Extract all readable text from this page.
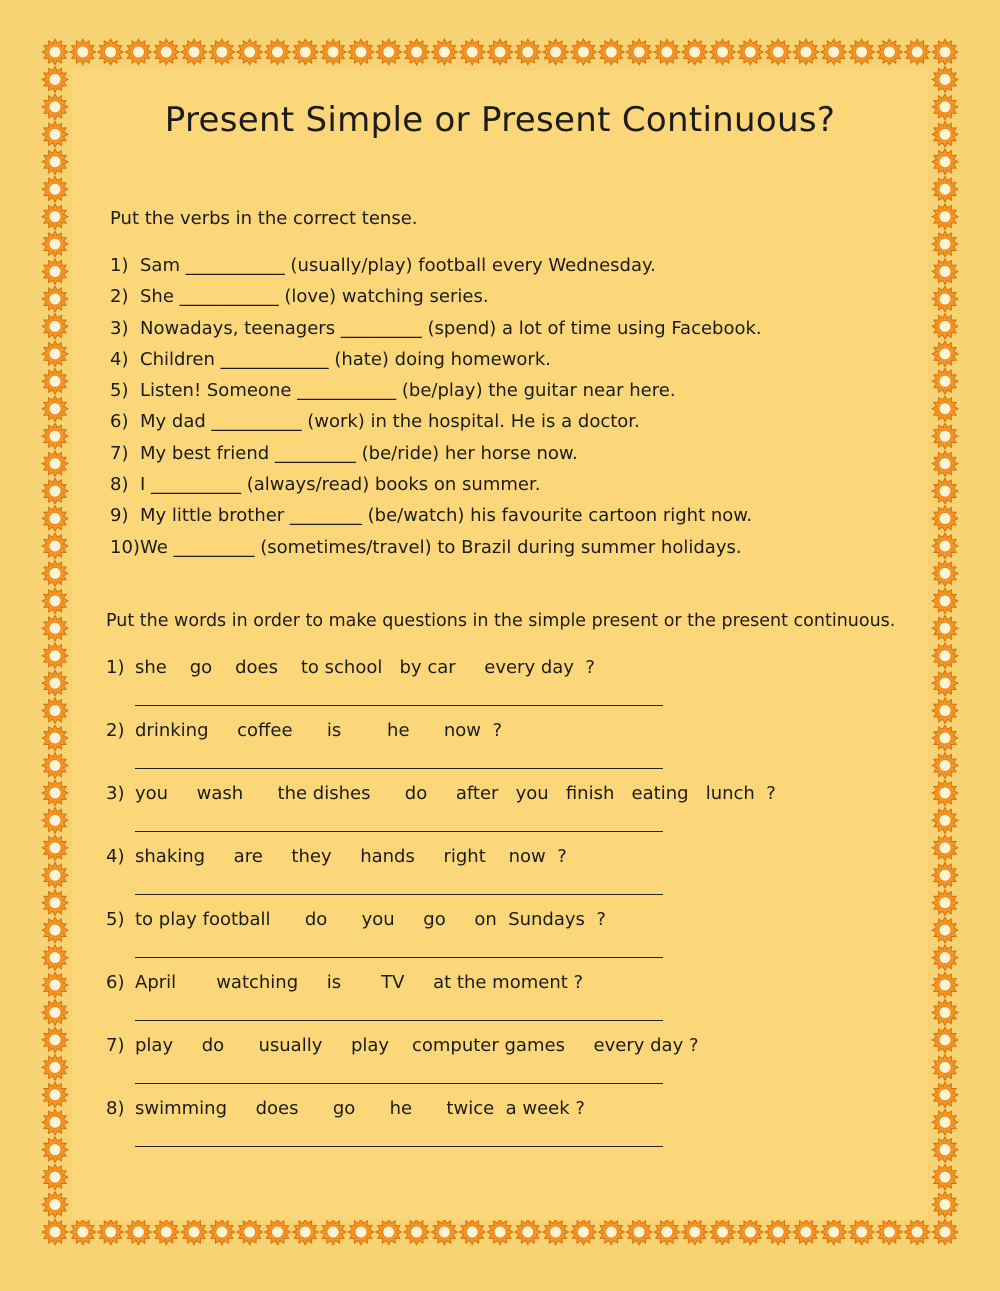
Present Simple or Present Continuous?
Put the verbs in the correct tense.
1) Sam ___________ (usually/play) football every Wednesday.
2) She ___________ (love) watching series.
3) Nowadays, teenagers _________ (spend) a lot of time using Facebook.
4) Children ____________ (hate) doing homework.
5) Listen! Someone ___________ (be/play) the guitar near here.
6) My dad __________ (work) in the hospital. He is a doctor.
7) My best friend _________ (be/ride) her horse now.
8) I __________ (always/read) books on summer.
9) My little brother ________ (be/watch) his favourite cartoon right now.
10)We _________ (sometimes/travel) to Brazil during summer holidays.
Put the words in order to make questions in the simple present or the present continuous.
1) she    go    does    to school   by car     every day  ?
2) drinking     coffee      is        he      now  ?
3) you     wash      the dishes      do     after   you   finish   eating   lunch  ?
4) shaking     are     they     hands     right    now  ?
5) to play football      do      you     go     on  Sundays  ?
6) April       watching     is       TV     at the moment ?
7) play     do      usually     play    computer games     every day ?
8) swimming     does      go      he      twice  a week ?
